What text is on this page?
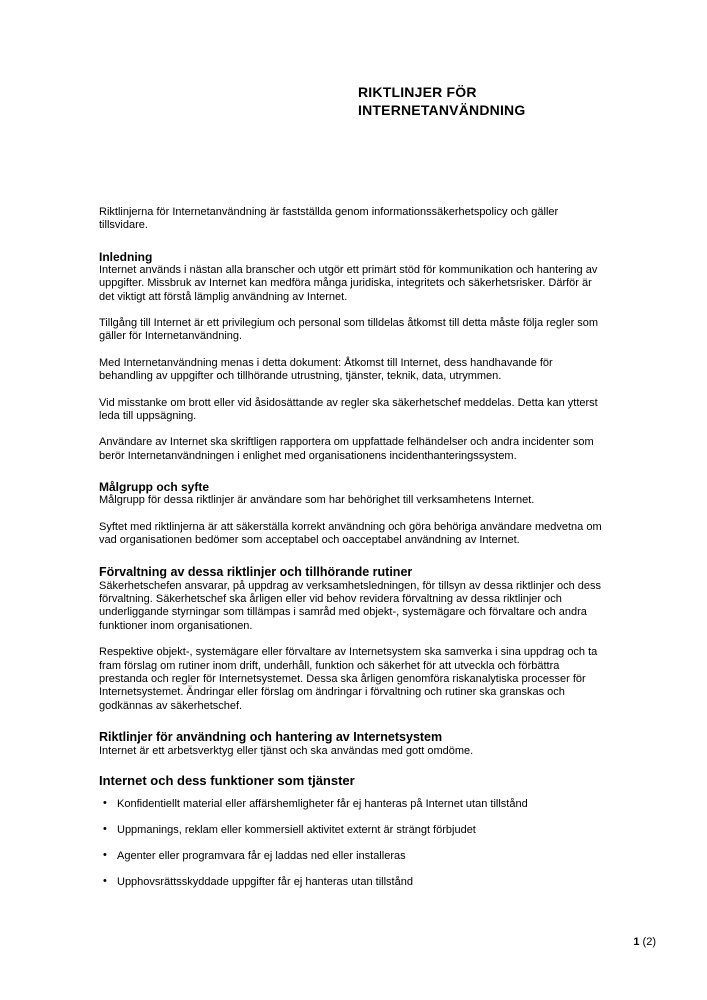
RIKTLINJER FÖR
INTERNETANVÄNDNING

Riktlinjerna för Internetanvändning är fastställda genom informationssäkerhetspolicy och gäller tillsvidare.

Inledning

Internet används i nästan alla branscher och utgör ett primärt stöd för kommunikation och hantering av uppgifter. Missbruk av Internet kan medföra många juridiska, integritets och säkerhetsrisker. Därför är det viktigt att förstå lämplig användning av Internet.

Tillgång till Internet är ett privilegium och personal som tilldelas åtkomst till detta måste följa regler som gäller för Internetanvändning.

Med Internetanvändning menas i detta dokument: Åtkomst till Internet, dess handhavande för behandling av uppgifter och tillhörande utrustning, tjänster, teknik, data, utrymmen.

Vid misstanke om brott eller vid åsidosättande av regler ska säkerhetschef meddelas. Detta kan ytterst leda till uppsägning.

Användare av Internet ska skriftligen rapportera om uppfattade felhändelser och andra incidenter som berör Internetanvändningen i enlighet med organisationens incidenthanteringssystem.

Målgrupp och syfte

Målgrupp för dessa riktlinjer är användare som har behörighet till verksamhetens Internet.

Syftet med riktlinjerna är att säkerställa korrekt användning och göra behöriga användare medvetna om vad organisationen bedömer som acceptabel och oacceptabel användning av Internet.

Förvaltning av dessa riktlinjer och tillhörande rutiner

Säkerhetschefen ansvarar, på uppdrag av verksamhetsledningen, för tillsyn av dessa riktlinjer och dess förvaltning. Säkerhetschef ska årligen eller vid behov revidera förvaltning av dessa riktlinjer och underliggande styrningar som tillämpas i samråd med objekt-, systemägare och förvaltare och andra funktioner inom organisationen.

Respektive objekt-, systemägare eller förvaltare av Internetsystem ska samverka i sina uppdrag och ta fram förslag om rutiner inom drift, underhåll, funktion och säkerhet för att utveckla och förbättra prestanda och regler för Internetsystemet. Dessa ska årligen genomföra riskanalytiska processer för Internetsystemet. Ändringar eller förslag om ändringar i förvaltning och rutiner ska granskas och godkännas av säkerhetschef.

Riktlinjer för användning och hantering av Internetsystem

Internet är ett arbetsverktyg eller tjänst och ska användas med gott omdöme.

Internet och dess funktioner som tjänster
• Konfidentiellt material eller affärshemligheter får ej hanteras på Internet utan tillstånd
• Uppmanings, reklam eller kommersiell aktivitet externt är strängt förbjudet
• Agenter eller programvara får ej laddas ned eller installeras
• Upphovsrättsskyddade uppgifter får ej hanteras utan tillstånd
1 (2)
